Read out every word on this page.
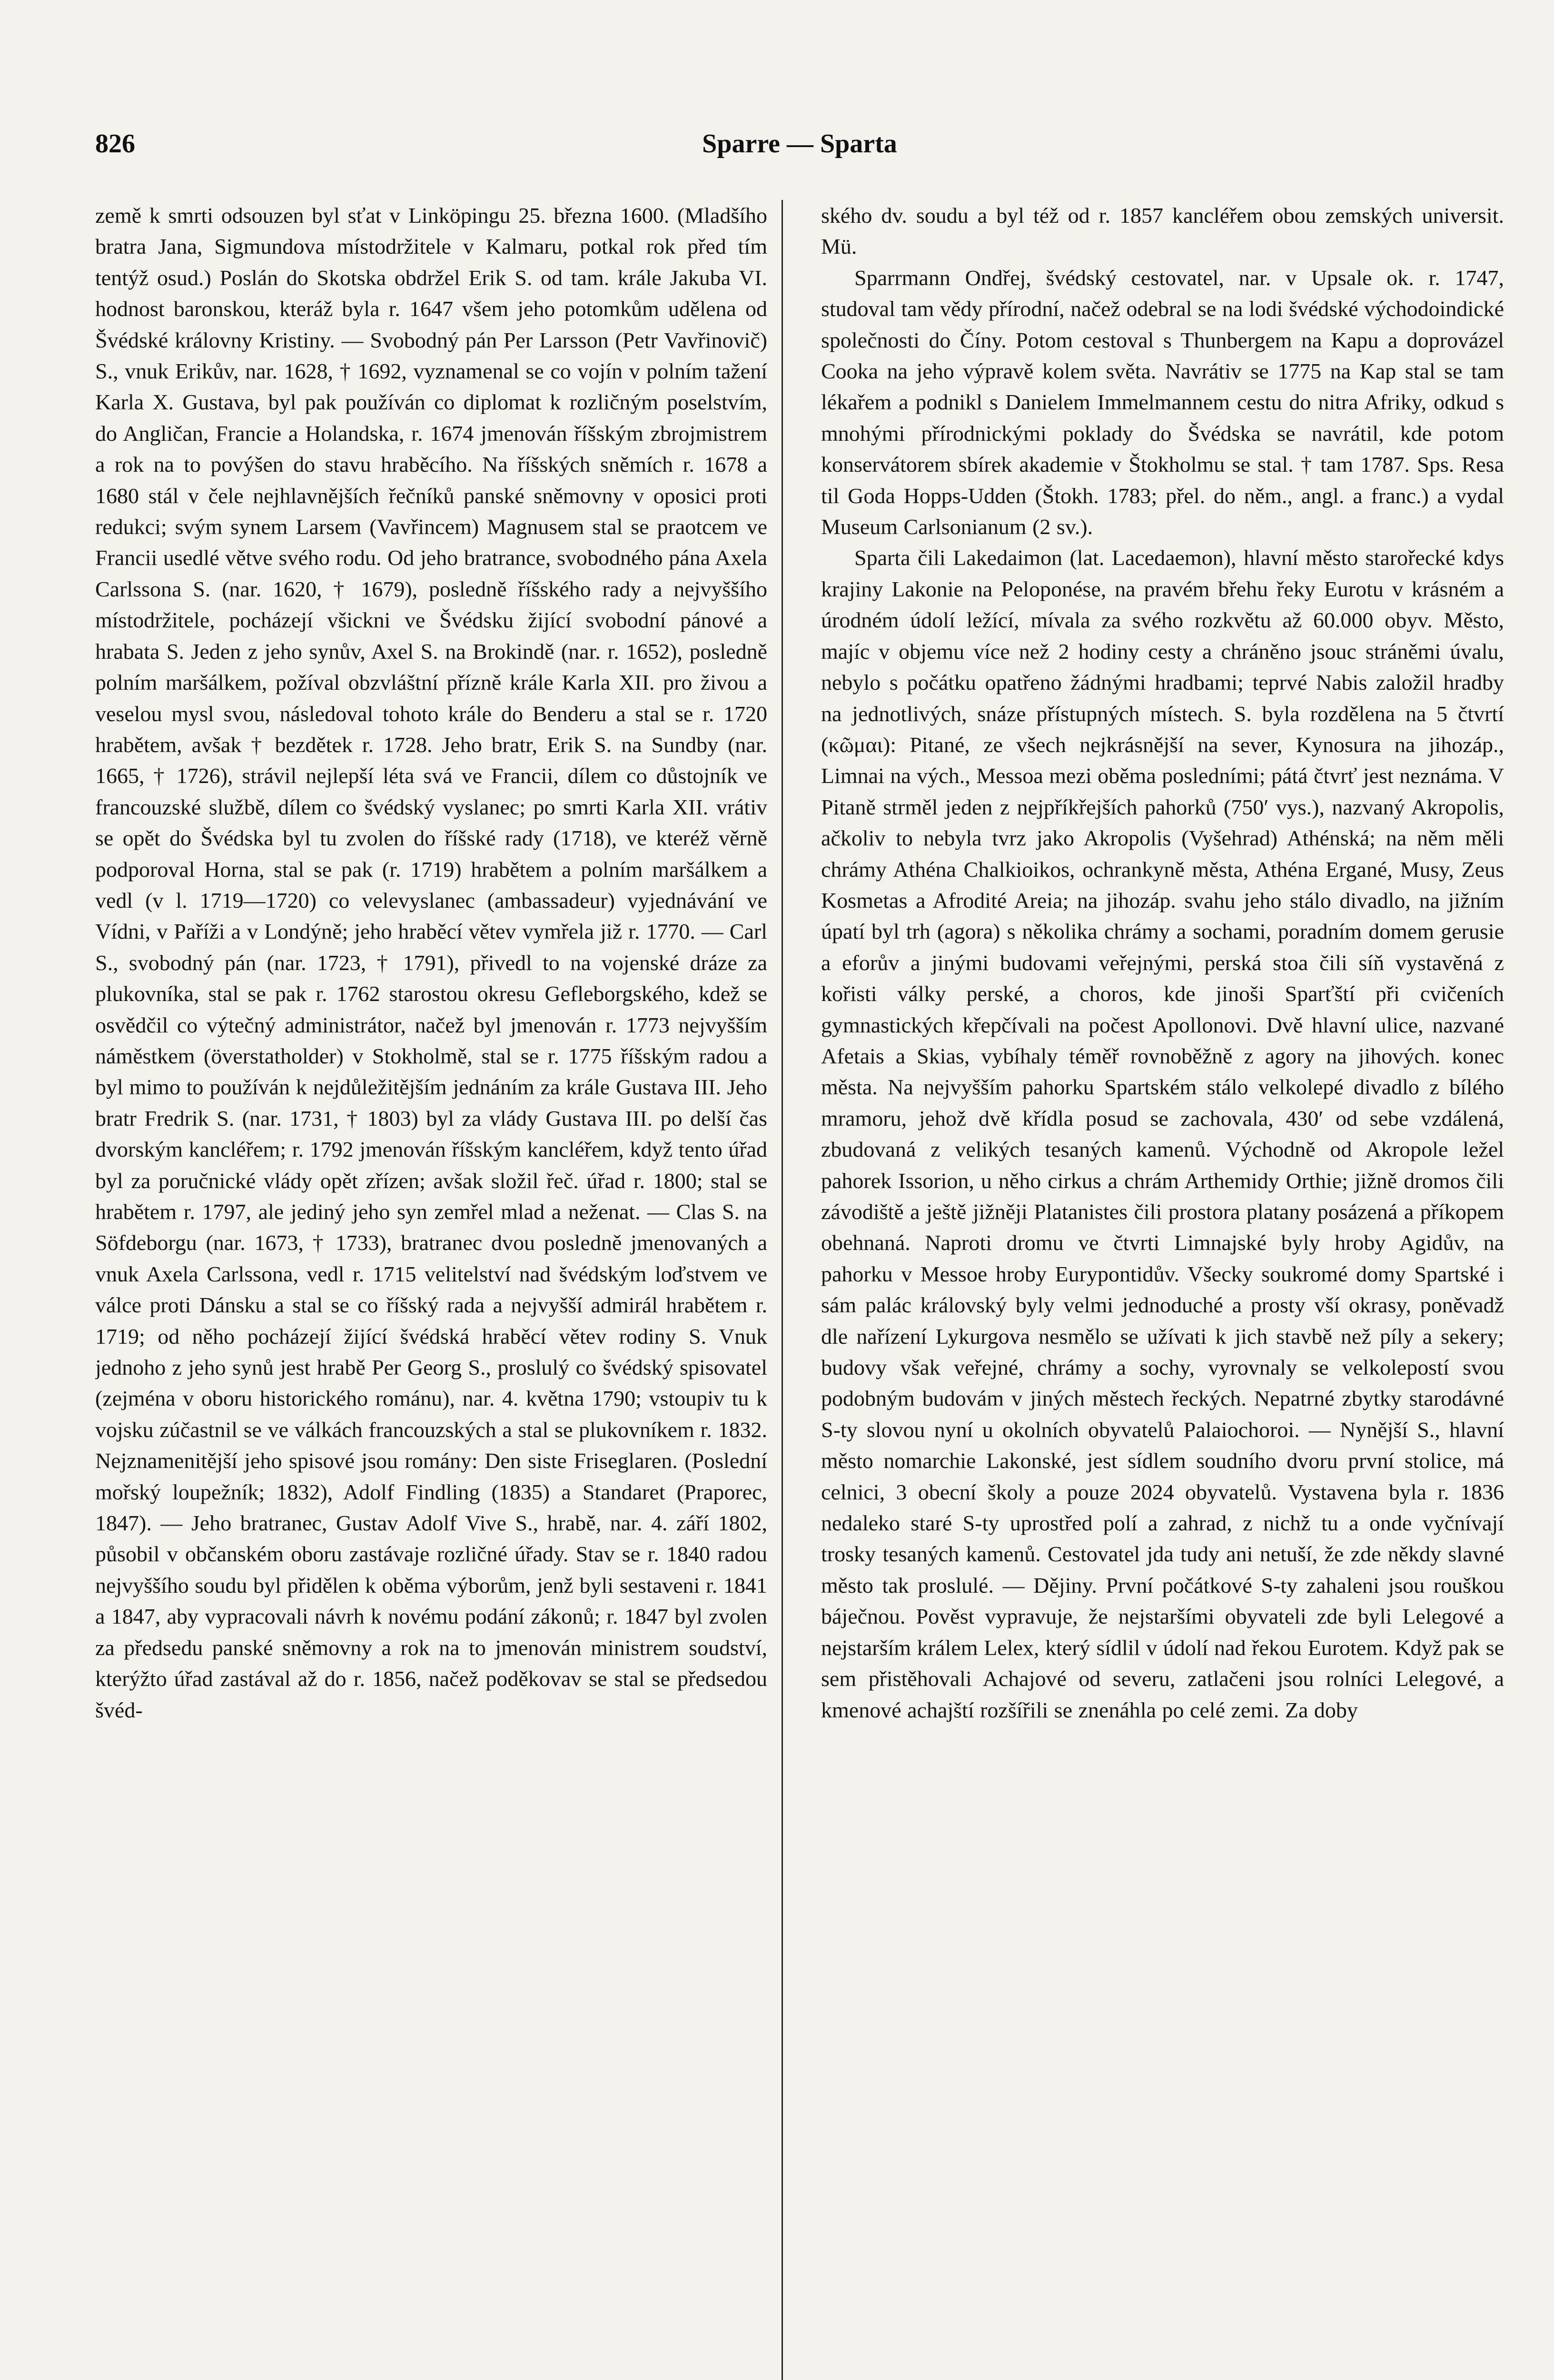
826	Sparre — Sparta

země k smrti odsouzen byl sťat v Linköpingu 25. března 1600. (Mladšího bratra Jana, Sigmundova místodržitele v Kalmaru, potkal rok před tím tentýž osud.) Poslán do Skotska obdržel Erik S. od tam. krále Jakuba VI. hodnost baronskou, kteráž byla r. 1647 všem jeho potomkům udělena od Švédské královny Kristiny. — Svobodný pán Per Larsson (Petr Vavřinovič) S., vnuk Erikův, nar. 1628, † 1692, vyznamenal se co vojín v polním tažení Karla X. Gustava, byl pak používán co diplomat k rozličným poselstvím, do Angličan, Francie a Holandska, r. 1674 jmenován říšským zbrojmistrem a rok na to povýšen do stavu hraběcího. Na říšských sněmích r. 1678 a 1680 stál v čele nejhlavnějších řečníků panské sněmovny v oposici proti redukci; svým synem Larsem (Vavřincem) Magnusem stal se praotcem ve Francii usedlé větve svého rodu. Od jeho bratrance, svobodného pána Axela Carlssona S. (nar. 1620, † 1679), posledně říšského rady a nejvyššího místodržitele, pocházejí všickni ve Švédsku žijící svobodní pánové a hrabata S. Jeden z jeho synův, Axel S. na Brokindě (nar. r. 1652), posledně polním maršálkem, požíval obzvláštní přízně krále Karla XII. pro živou a veselou mysl svou, následoval tohoto krále do Benderu a stal se r. 1720 hrabětem, avšak † bezdětek r. 1728. Jeho bratr, Erik S. na Sundby (nar. 1665, † 1726), strávil nejlepší léta svá ve Francii, dílem co důstojník ve francouzské službě, dílem co švédský vyslanec; po smrti Karla XII. vrátiv se opět do Švédska byl tu zvolen do říšské rady (1718), ve kteréž věrně podporoval Horna, stal se pak (r. 1719) hrabětem a polním maršálkem a vedl (v l. 1719—1720) co velevyslanec (ambassadeur) vyjednávání ve Vídni, v Paříži a v Londýně; jeho hraběcí větev vymřela již r. 1770. — Carl S., svobodný pán (nar. 1723, † 1791), přivedl to na vojenské dráze za plukovníka, stal se pak r. 1762 starostou okresu Gefleborgského, kdež se osvědčil co výtečný administrátor, načež byl jmenován r. 1773 nejvyšším náměstkem (överstatholder) v Stokholmě, stal se r. 1775 říšským radou a byl mimo to používán k nejdůležitějším jednáním za krále Gustava III. Jeho bratr Fredrik S. (nar. 1731, † 1803) byl za vlády Gustava III. po delší čas dvorským kancléřem; r. 1792 jmenován říšským kancléřem, když tento úřad byl za poručnické vlády opět zřízen; avšak složil řeč. úřad r. 1800; stal se hrabětem r. 1797, ale jediný jeho syn zemřel mlad a neženat. — Clas S. na Söfdeborgu (nar. 1673, † 1733), bratranec dvou posledně jmenovaných a vnuk Axela Carlssona, vedl r. 1715 velitelství nad švédským loďstvem ve válce proti Dánsku a stal se co říšský rada a nejvyšší admirál hrabětem r. 1719; od něho pocházejí žijící švédská hraběcí větev rodiny S. Vnuk jednoho z jeho synů jest hrabě Per Georg S., proslulý co švédský spisovatel (zejména v oboru historického románu), nar. 4. května 1790; vstoupiv tu k vojsku zúčastnil se ve válkách francouzských a stal se plukovníkem r. 1832. Nejznamenitější jeho spisové jsou romány: Den siste Friseglaren. (Poslední mořský loupežník; 1832), Adolf Findling (1835) a Standaret (Praporec, 1847). — Jeho bratranec, Gustav Adolf Vive S., hrabě, nar. 4. září 1802, působil v občanském oboru zastávaje rozličné úřady. Stav se r. 1840 radou nejvyššího soudu byl přidělen k oběma výborům, jenž byli sestaveni r. 1841 a 1847, aby vypracovali návrh k novému podání zákonů; r. 1847 byl zvolen za předsedu panské sněmovny a rok na to jmenován ministrem soudství, kterýžto úřad zastával až do r. 1856, načež poděkovav se stal se předsedou švéd-

ského dv. soudu a byl též od r. 1857 kancléřem obou zemských universit. Mü.

Sparrmann Ondřej, švédský cestovatel, nar. v Upsale ok. r. 1747, studoval tam vědy přírodní, načež odebral se na lodi švédské východoindické společnosti do Číny. Potom cestoval s Thunbergem na Kapu a doprovázel Cooka na jeho výpravě kolem světa. Navrátiv se 1775 na Kap stal se tam lékařem a podnikl s Danielem Immelmannem cestu do nitra Afriky, odkud s mnohými přírodnickými poklady do Švédska se navrátil, kde potom konservátorem sbírek akademie v Štokholmu se stal. † tam 1787. Sps. Resa til Goda Hopps-Udden (Štokh. 1783; přel. do něm., angl. a franc.) a vydal Museum Carlsonianum (2 sv.).

Sparta čili Lakedaimon (lat. Lacedaemon), hlavní město starořecké kdys krajiny Lakonie na Peloponése, na pravém břehu řeky Eurotu v krásném a úrodném údolí ležící, mívala za svého rozkvětu až 60.000 obyv. Město, majíc v objemu více než 2 hodiny cesty a chráněno jsouc stráněmi úvalu, nebylo s počátku opatřeno žádnými hradbami; teprvé Nabis založil hradby na jednotlivých, snáze přístupných místech. S. byla rozdělena na 5 čtvrtí (κῶμαι): Pitané, ze všech nejkrásnější na sever, Kynosura na jihozáp., Limnai na vých., Messoa mezi oběma posledními; pátá čtvrť jest neznáma. V Pitaně strměl jeden z nejpříkřejších pahorků (750′ vys.), nazvaný Akropolis, ačkoliv to nebyla tvrz jako Akropolis (Vyšehrad) Athénská; na něm měli chrámy Athéna Chalkioikos, ochrankyně města, Athéna Ergané, Musy, Zeus Kosmetas a Afrodité Areia; na jihozáp. svahu jeho stálo divadlo, na jižním úpatí byl trh (agora) s několika chrámy a sochami, poradním domem gerusie a eforův a jinými budovami veřejnými, perská stoa čili síň vystavěná z kořisti války perské, a choros, kde jinoši Sparťští při cvičeních gymnastických křepčívali na počest Apollonovi. Dvě hlavní ulice, nazvané Afetais a Skias, vybíhaly téměř rovnoběžně z agory na jihových. konec města. Na nejvyšším pahorku Spartském stálo velkolepé divadlo z bílého mramoru, jehož dvě křídla posud se zachovala, 430′ od sebe vzdálená, zbudovaná z velikých tesaných kamenů. Východně od Akropole ležel pahorek Issorion, u něho cirkus a chrám Arthemidy Orthie; jižně dromos čili závodiště a ještě jižněji Platanistes čili prostora platany posázená a příkopem obehnaná. Naproti dromu ve čtvrti Limnajské byly hroby Agidův, na pahorku v Messoe hroby Eurypontidův. Všecky soukromé domy Spartské i sám palác královský byly velmi jednoduché a prosty vší okrasy, poněvadž dle nařízení Lykurgova nesmělo se užívati k jich stavbě než píly a sekery; budovy však veřejné, chrámy a sochy, vyrovnaly se velkolepostí svou podobným budovám v jiných městech řeckých. Nepatrné zbytky starodávné S-ty slovou nyní u okolních obyvatelů Palaiochoroi. — Nynější S., hlavní město nomarchie Lakonské, jest sídlem soudního dvoru první stolice, má celnici, 3 obecní školy a pouze 2024 obyvatelů. Vystavena byla r. 1836 nedaleko staré S-ty uprostřed polí a zahrad, z nichž tu a onde vyčnívají trosky tesaných kamenů. Cestovatel jda tudy ani netuší, že zde někdy slavné město tak proslulé. — Dějiny. První počátkové S-ty zahaleni jsou rouškou báječnou. Pověst vypravuje, že nejstaršími obyvateli zde byli Lelegové a nejstarším králem Lelex, který sídlil v údolí nad řekou Eurotem. Když pak se sem přistěhovali Achajové od severu, zatlačeni jsou rolníci Lelegové, a kmenové achajští rozšířili se znenáhla po celé zemi. Za doby
